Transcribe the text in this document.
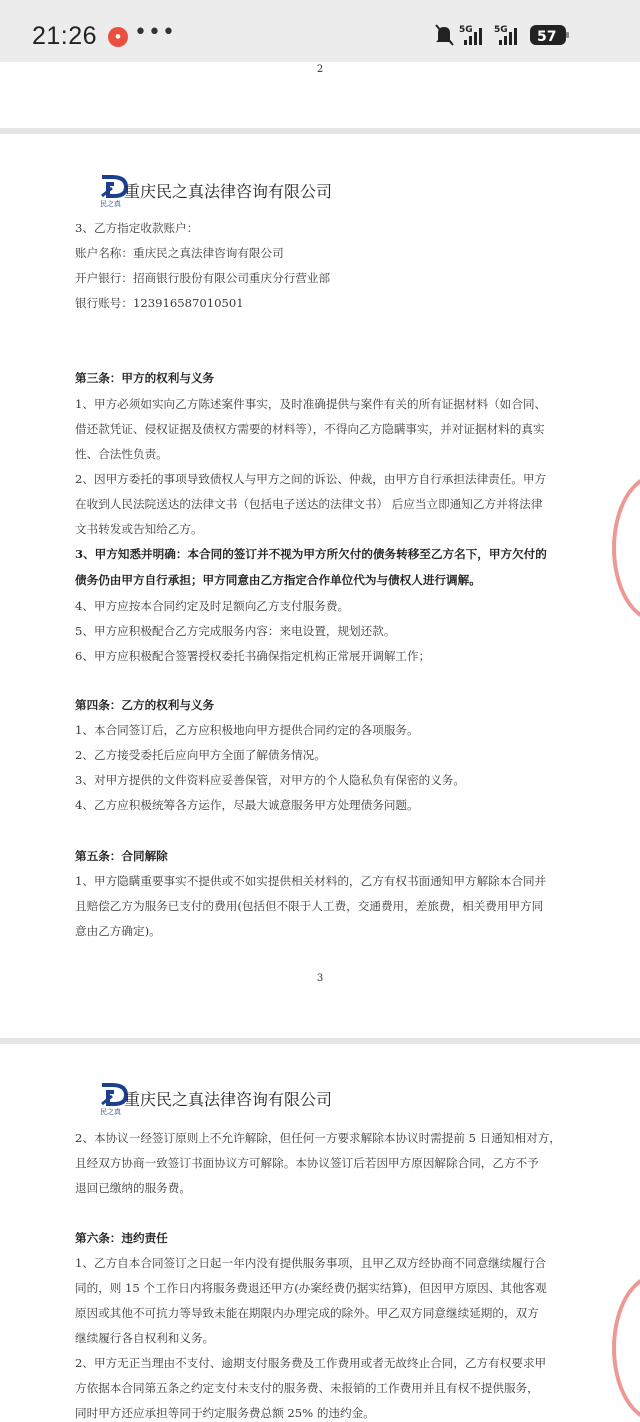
21:26	● •••	5G 5G 57
2
民之真
重庆民之真法律咨询有限公司
3、乙方指定收款账户：
账户名称：重庆民之真法律咨询有限公司
开户银行：招商银行股份有限公司重庆分行营业部
银行账号：123916587010501
第三条：甲方的权利与义务
1、甲方必须如实向乙方陈述案件事实，及时准确提供与案件有关的所有证据材料（如合同、
借还款凭证、侵权证据及债权方需要的材料等），不得向乙方隐瞒事实，并对证据材料的真实
性、合法性负责。
2、因甲方委托的事项导致债权人与甲方之间的诉讼、仲裁，由甲方自行承担法律责任。甲方
在收到人民法院送达的法律文书（包括电子送达的法律文书） 后应当立即通知乙方并将法律
文书转发或告知给乙方。
3、甲方知悉并明确：本合同的签订并不视为甲方所欠付的债务转移至乙方名下，甲方欠付的
债务仍由甲方自行承担；甲方同意由乙方指定合作单位代为与债权人进行调解。
4、甲方应按本合同约定及时足额向乙方支付服务费。
5、甲方应积极配合乙方完成服务内容：来电设置，规划还款。
6、甲方应积极配合签署授权委托书确保指定机构正常展开调解工作；
第四条：乙方的权利与义务
1、本合同签订后，乙方应积极地向甲方提供合同约定的各项服务。
2、乙方接受委托后应向甲方全面了解债务情况。
3、对甲方提供的文件资料应妥善保管，对甲方的个人隐私负有保密的义务。
4、乙方应积极统筹各方运作，尽最大诚意服务甲方处理债务问题。
第五条：合同解除
1、甲方隐瞒重要事实不提供或不如实提供相关材料的，乙方有权书面通知甲方解除本合同并
且赔偿乙方为服务已支付的费用(包括但不限于人工费，交通费用，差旅费，相关费用甲方同
意由乙方确定)。
3
民之真
重庆民之真法律咨询有限公司
2、本协议一经签订原则上不允许解除，但任何一方要求解除本协议时需提前 5 日通知相对方，
且经双方协商一致签订书面协议方可解除。本协议签订后若因甲方原因解除合同，乙方不予
退回已缴纳的服务费。
第六条：违约责任
1、乙方自本合同签订之日起一年内没有提供服务事项，且甲乙双方经协商不同意继续履行合
同的，则 15 个工作日内将服务费退还甲方(办案经费仍据实结算)，但因甲方原因、其他客观
原因或其他不可抗力等导致未能在期限内办理完成的除外。甲乙双方同意继续延期的，双方
继续履行各自权利和义务。
2、甲方无正当理由不支付、逾期支付服务费及工作费用或者无故终止合同，乙方有权要求甲
方依据本合同第五条之约定支付未支付的服务费、未报销的工作费用并且有权不提供服务，
同时甲方还应承担等同于约定服务费总额 25% 的违约金。
